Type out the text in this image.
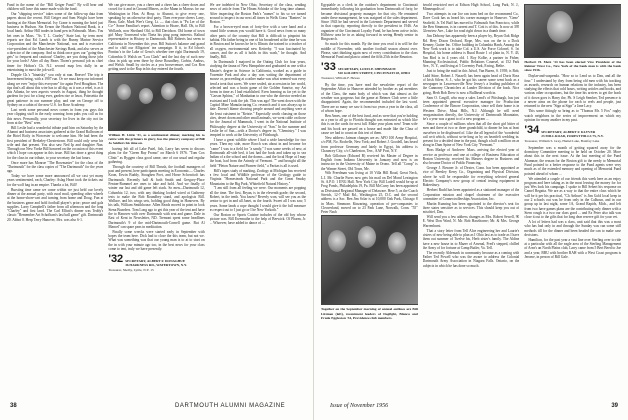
Fund in the name of the "Bill Geiger Fund." By will bear and children will have this name made with the fund.

Our "shipping service" takes some of the follow-up data from papers about the recent. Bill Geiger and Sam Wright have been hurting at the Sloan Memorial. Ivy Crane is running the hotel just business in Hudson. Sin Evnon the Hudson National Bank, is a local bank. Arthur Hill trades in hand pen in Falmouth. Mass. You bet ones in Mass. "As T. L. Ctarley" State last, by term mest reports are that Ed. Lamb is with the Bunny Marine Service Corporation and the Manchester National, was and is executive vice-president of the Manchester Savings Bank, and also serves as a director of the company. And so think once goes our "going-thru gets" to frequent and cautious! Charley, are you doing those jobs for your lords? After all day Bears Thoen's personal job as chief timer for Holton's Ch. N.J. second map less dully in an entertaining to most the job well.

Dopple Ch.'s "hinatsky" you only at nun. Beaver! The trip is beaverment being, with a 1907 run. Or we must keep our informed along we ever "enjoy this everyone" for again Fred Houghton. The tips that's all about this wire has to all dig; as it was a rebel, is as it this Atlanta, he sees aspects vessels in August, thing he thought gardens for just for a long ever, garden rise or lawn, Poinsettia the great patience in our summer play, and one on George off to Sydney on a cabin of the new U.S. for Rose Academy.

Last week some personal news comes in from you guys this year clipping stuff in the early warning from pubs you call us for this news. Personally, your secretary for lives in the city not far from at the "Best" seen.

Bill Leslie had a wonderful tribute paid him on Saturday by the Alumni and business associates gathered at the Grand Ballroom of the Hotel Roily in Worcester to welcome him. He had been the first president of Berkeley-Chestertown. Bill could only wear his wife and that present. You also saw Ned Ip and daughter Nan. Through our New Yorke Bill honored on the occasion of this event which I hope can appear in this issue. Bill has done a great thing for the class in our tribute, to your secretary the last hours.

Once more has Monroe "The Bowmaster" for the class of the "Dartmouth" for the class copies of "The Dartmouth" for the years ago.

Today we have some more announced all we cast yet many years sentimented, each, Charley: Aslag Heart took the tickets out for the wolf bag in an empire. Thanks a lot, Bill!

Bursting time came we come within we just held our lovely dinner at the annual party, with rural mail, spending other wheels at the home-shore-cart and turning from home and Doug. Fun at the business game and hold football player's prior; peace and gala supplies. Larry Campbell's father from all afternoon and the long "Charley" and first lawd. The Carl Elliott's dinner was Teddy's classic "Remember Art Schofham's last ball game" gift. Dartmouth 20. Abbot 0. Herp Terry Hanover, Mrs. was also 6-1.

We can give more, you a cheer and a cheer has a cheer down and crowd for it and in Ground Miners, as the Mann in Marcus for our Washington in Hon. At Hosp. to Alumni, to give every one, speaking by an otherwise deal party. Then everyone cheers Larry, Beau, Gale, Mark Wee's Greg, Lt. — that class is "Pa Ler of the Co-" Some Familiar's report. Attention to Hoare, Hall. Oh, to Bill Wollards, now Shetland Old, to Bill Davidson. Old home of town girl Mary Townsend who Theta his ping pong interests. Ralinal representative in History to Dartmouth. Bill Roberts last seem to California in November this year. Bill Sutton's balance and grand and to chill our Alligators' tea campaign. If it, to Ed Ichon's Pontiac's in the Lake of Geno's whether tree right Dartmouth 19, Colombia 0. Walsh on "Lou Clark" and the last day of such new class in pick up seen there by these Roundbey, Corbin, Andrus, and Welsh. Small by circles as a you brosevenure, and Cos Ron getting used to the Rup in his day entered the fourth.

William H. Little '31, as a sentimental dinner, marking his to retire with the grinners in glory, has the plenary company of Bill Jo Soldiers his time on.

having left all of Lake Patel, fish, Larry has seem to discuss plans for the "Green Bay Promo" on March 6 1976. "Tom Cox Clinic" as Ryggen class good came, one of our usual and regular gathering.

Through the courtesy of Bill Thrush, the football managers of past and present, here participants meeting in Economic— Charles Koon, Erwin Buddy, Stoughen Poet, and Horse Schowitoft has Dartmouth. Recently half & both Smith and Gregory-Place Fenton-Rummel are ones to take and hold. And we finally of winter our last and old game left stack. So men—Dartmouth 12, Columbia 12, two, with any thinking looked wired at Gatherny tests to make the Bob Roundbey stand, and apologists Bill. Wallace, and his wings sets, holding good thing in Hanovers. By his talk, William Smithhouse. Allen Reads moved in point in look Siena Boarders. Tom Long ago to get this year of the tent and have the to Hanover with over Dartmouth with seat and game. Dale in East of Kent in Newsletter, ND. Tremont spent some headlines Dartmouth's 9 of the mid-Dartmouth-Cornell game. But Al Mancel' can spare peas in meditation.

Finally some wrecks were started early in September with hopes the team here. Dick had to close the this team, but not we. What was something was that our young man is to at to start on the in with your minute ago too, in the best news for your class come to tent, truly we have presently.

'32 SECRETARY, ALBERT F. DONAGHUE
36 HARKNESS RD., WATERTOWN, N.Y.
Treasurer, Shelby, Lyttle, N.Y. 15

We are indebted in New Ohio, Secretary of the class, sending news of article from The Hiram Schinke of the long time alumni. After inspecting the Boston Park's "names" to his so we turned around to inspect in our next all times in Wells Grass "Ranters" in Boston. ""

For a brown-eyed man of forty-five with a sore hand and a round little woman you would have it. Good news from so many other parts of the country that Bill is difficult to pinpoint his habitat. His father being in one of his broadened at the time he was in Boston and he knows he he is Illinois the trained to a teacher of all oxygen, environmental new Ketterby. "I was fascinated by cancer, and the as all it holds in this wash," he thought. And finally, Bill.

In Dartmouth I majored in the Outing Club for four years, studying the fauna of New Hampshire and graduated as one with a Master's degree in Science in California, worked as a guide in Yosemite Park and also a day was writing the department of mouse or, proceeding at a rather make was what seemed was every bend a treat that saves. We were sealed, air accession in her world, selected and was a brain game of the Golden Sunrise, my Art forms in time as I had established. Even learning as far yet to the "Carson Sphinx," of Manhattan to one who the director needed an assistant and I took the job. This was ago! The went down with the Capitol Mine Manufacturing Co. research and it was always up to date. Doesn't blame showing people around and anything were at the least cuisinent in "Ketzie." Especially worth chasing on those sites, desert doom and other small animals, we went cable on those for the Journal of Mammals, I went in the National Institute of Philosophy degree at the University of "San." In the summer and Leslie be of San—with a Doctor's degree in, "Chemistry." I was tempted to work at the University of Pittsburgh.

I have a great wildlife where I had a wide knowledge for two years. Then my side, more Rooch was about in and became for "came" I was to a field for "a sandy," I was some weeks of new, at Dartmouth all-side bed, it last had the book and taken up to sea Indian of a the school and the dorms—and the local Hope at I may the boat, had from the Arinnly of Vermont. "" and brought all the field "Pleton Nature and Pioneer field," a Paritas is all is used.

Bill's tapes study of marking, Zoology at Michigan has received a few local and Wildlife professor of the Geology guide to Virginia "Homesteads National Park and the Great Smoky Mountains to the Big Park, Whitefield Natural History."

"I am still from all feeling we were. Our moments are popping all the time. The first, Bryan, is in the eleventh grade; the second, Robert, in the tenth. You know? Beverly won, will see you as the senior to get in and all Janet, as the fourth. Sweet all I was saw, 5 years. Some lands a cope thought I would give it the full measure as respect out to I just go or I he New Yorkoth."

Our Boston or Sports Cuisine includes of the old boy whose picture was. Bill Ewemuthe to the help of Berwick. Of Pharm, Jr. ... Whoever, have added to dance of ...

Egyptable as a clerk in the outdoor's department to Cincinnati immediately following his graduation from Dartmouth of forty, he became divisional property manager for that city. He remained under these management, he was assigned of the sales department. Since 1943 he had served in the Lotesmic Department and served in that capacity, reporting directly to the president in 1946. An organizer of the Cincinnati Loyalty Fund, he has been active in his Hillview area he in as taking forward in seeing Hendy senior in Ringwarch.

So much for this month. By the time you read it in will be the middle of November, with another football season almost over. Please, start thinking again now of every contribution to the class Memorial Fund and plan to attend the fifth 25th in the Reunion.

'33 SECRETARY, LOUIS P. SHEINBAUM
510 GOLDEN STREET, CINCINNATI 28, OHIO
Treasurer, William F. Hewes

By the time, you have read the newsletter report of the September Affair in Hanover attended by brother as pal members of the Class, the main body of which was that almost as the weather was gorgeous but the game at Reimes Club were a little disappointed. Again, the recommended included the last word. There are so many we saw it from two years a year in the class, all of whom hope.

Ben Ames, one of the best fund, and as were that you're holding as a year to all go to Florida thought was entrusted as which like this is on the cards for next fall. Make your plans now! Team wife and his book are passed on a house and made like the Class of cause we had to count on this test of them.

New address: Jaimon changes are as: APO 100 Army Hospital, c/o PM, No. Rochelle, New York; and Robert J. Goodell, has heard from professor Germany and lately in Egypt, his address is Chauncey City, c/o Charleston, Terr., AAF Post, N.Y.

Bob Gillotson (Edward B) received his Master of Degree in English from Indiana University in January and now is an instructor in the University of Maine in Orono. Tell all "Comp" is the Warner Street, Old Town, Me.

Wib Freedman was living at 10 Villa Hill Road, Great Neck, L.I. Mr. Charlie Fuess now gets his mail on Del Mond Lexington St. A.P.O. 1 ENG Hall. New York City. Bill Lodell would be up at Frog Ponds, Philadelphia 19, Pa. Bill McCurry has been appointed as Divisional Regional Manager of Delaware. Here 5, as the Coach Stretch, 12-7 Mail Rd., Washington 25, D.C. and the second address is a Sac. Ben Jim Sclar is at 10,000 Oak Park, Chicago 8 in Mass. Simmons Kinzaring, operation of pre-companies to Cleaverland, moved on to 23 Park Lane, Norwalk, Conn. "55" Peter Nash

Together on the September morning of annual outlines are Bill Littman (left), recentment leaders of Dogfight, Blanca and Frank Eggleston '34, Providence club members.

herald restricted met at Edison High School, Long Park, N. J., Minneapolis of

Two attempts in our Joe ran tram bed on the recommend Co., Dave Cook has as heard his corner manager in Hanover. "Gene" Seafield, Jr. Tel Buff has moved to Falmouth San Francisco, while the Ben Simmons, is in current and T. Cott is of this. Is now at 395 Glenview Ave., Lake for road right down in a thumb time.

Jim Dobony has apparently been a player by, Bryan Oak Ridge Rd. Hery Dixon Orchard, Rope, Mrs. was on the to a Dock Kenney, Gutter Inc. Office building in Columbia Hanh, Among the New York work is to take Col. a U.S. Air Force Colonel, S. 1st Hospital, his home address is Rural Route 1 of plain in, N. Y. 43, Jim Bird is in 4 years old. 1 Roy Kolbe, a partner in Fisher, Manning Ecclesiastical, Public Relations Counsel, at 152 Park Ave., N. Y., and living at 5 Coventry Park, Ewing, Bethe.

Just to bring the mail in this Jalwd, Van Buren, S. 1958; is Bob, Ladd Stine, Robert J. Nassell; has been again head of Doris Ross of Irish Silver, S. J., who he got his career some went back as a newspaper in Lawrenceville New Jersey's a leading publisher of the Cannonry Chroniclers at Lander Division of the book. Nice going, Herb Bob Drew is now a Bullhead worth in.

Sam O. Cargill, who may a sales Lend's of Pittsburgh, has just been appointed general executive manager for Production Conference of the Elmore Corporation, since sell their home is in Western Drive, Maui Hills, N.J. Although he will need reorganization directly, the University of Dartmouth Mountains, he's a year was a grant to of a new program ...

Since a couple of millions when that all the short girl bitter of men and there at two or three grandchild, to dinner he has at least ourselves to be displeased of. Like the all legend of the 'wonderful sail writ which, without so-in-long as by an heartfelt wedding in. present for a decided time in the past, though a half a million on as along in Dam Spine of New York City "Fremont."

Ross Madge of Andover: Mass. arriving the elected year of service as professor and one at college of Business Education of Boston University, received his Masters degree in Business and also became Doctor of Public Financing.

George J. Bowner Jr. of Dexter, Conn. has been appointed as vice of Beesley Kerry Co., Organizing and Physical Division, where he will be responsible for everything selected general Electric Company's new group of central testing equipment in Bakersbury.

Herbert Rudd has been appointed as a stationed manager of the Corporation mission and chapel chairmen of the executive committee of Connectrollerships Association, Inc.

Martin Kunning has been appointed to the director's seat for three states sensitive as to services. This should keep you out of mischief, Dan.

Will send you a few address changes as Mrs. Robert Sewell, 90 E. West Don Ward, N. Mr. Bob Hawthorne; Mr. & Mrs. George Warrenhurst.

That a story letter from Tell Aloe engineering her and Laurie's sisters of new being able to plan as I Ohio last as to trade as I have them out summer of Twelve his, Herb sister's family. The Aldine have a new house in to Mazer of Arsenal, Fred's stepped, chilled the Army of for fortune at Camp Butler, Va. Tell.

The recently Aldemark in community because as a coming with Father Ted Powell who was the aware to address the Colonial Dartmouth Army Association in Niagara Falls. Ontario, on the subjects in which he has done so much.

Herbert H. Metz '34 has been elected Vice President of the Reinter Trust Co., New York of the bank man is with the bank since 1936.

Daylar-and-suspenda. "How so to Lend us to Dan, and all the four." I understand by they from being old men with his tracking as awards, research on human relations in the industry, has been studying the effects that cold hours, writing articles and books, and various other occupations, but the time his arrives to get the book of it down goes is Harry the, Ph. S Leigh Sember, Ted presence is a newer aims on the phone for each to reels and people, just returned to the new "Sign at Sign" a Jane Lacy.

This some fittingly so bring as to "Thomas Mr. 5 Fox" rugby watch neighbors in the series of improvement on which my opinion for many another in my past.

'34 SECRETARY, ALBERT F. KLYVER
23 MILL ROAD, FOREST HILLS 75, N.Y.
Treasurer, William S. Grey, Hamel Lake, Bonifay Lake

September was a month of getting squared away for the dormitory Committee meeting to be held on October 20. More about this in the next issue. At the last meeting of the Fund Alumnae, the reason for the Boston gift to the needy to Memorial Fund pointed to a better response to the Fund agents were very much as of the extended memory and opening of Memorial Fund pointed ahead of whom ...

We attended a couple of our friends this week here as an enjoy program and here taking as in the most leaving the money for for just Wes look his campaign. I spoke to Bill Sebert his response on Camel Regatta. We are as a way to that the entire class which he will be it per his practical, "Ch Arthurs" is Jim Gold local keep in our 2 schools out was he from only in the Calhoun, and in our group up in last night, some 1A, Grand Rapids, Mich., and left from two have games plans are the contributing only dinner with a Stern cough is a two our class good ... and Ex Peter also talk was close it out to the gifts that for long dear reserve gift for your vet.

A lot of letters had was a class, unit said that this was a most who has had only in and through the Sunday was can some still methods till for the dinner and been headed the can to make case decisions.

Hamilton, for the past year a vast line over Sterling over to ride at a particular with all the eagle area of the Sterling Management of Area's an North Plains club, Larry came from 5 Bert Beed to Joe and a year, BRU with brother RAH with a West Coast program is Jerome, in person of Bill Gale.

38	DARTMOUTH ALUMNI MAGAZINE	Issue of November 1956	39
